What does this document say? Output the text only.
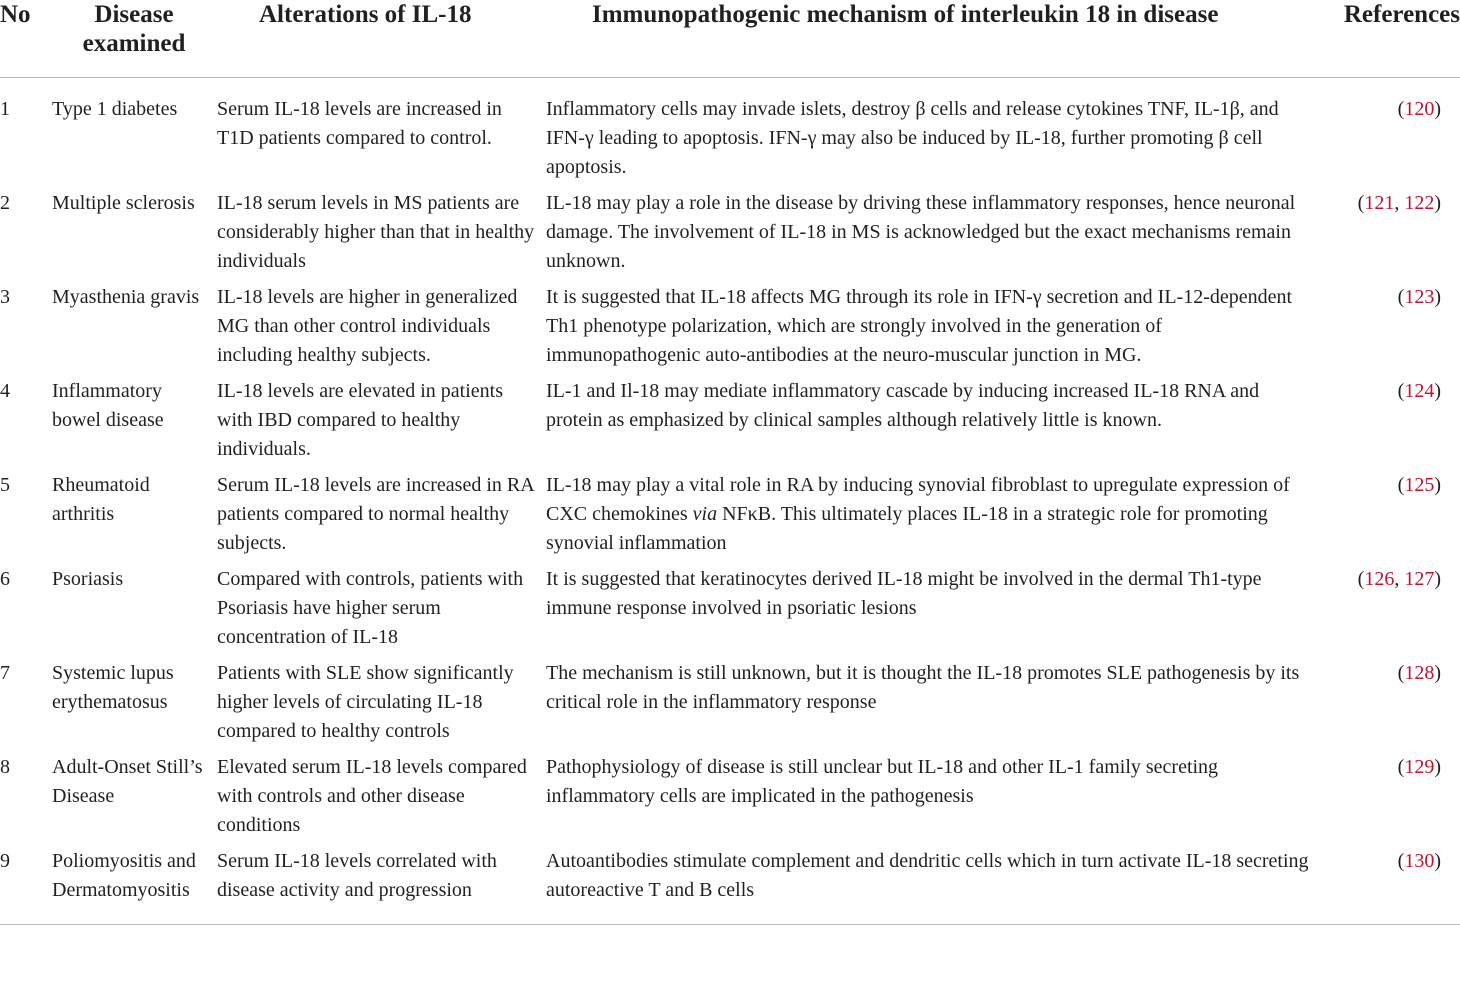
No	Disease examined	Alterations of IL-18	Immunopathogenic mechanism of interleukin 18 in disease	References
1	Type 1 diabetes	Serum IL-18 levels are increased in T1D patients compared to control.	Inflammatory cells may invade islets, destroy β cells and release cytokines TNF, IL-1β, and IFN-γ leading to apoptosis. IFN-γ may also be induced by IL-18, further promoting β cell apoptosis.	(120)
2	Multiple sclerosis	IL-18 serum levels in MS patients are considerably higher than that in healthy individuals	IL-18 may play a role in the disease by driving these inflammatory responses, hence neuronal damage. The involvement of IL-18 in MS is acknowledged but the exact mechanisms remain unknown.	(121, 122)
3	Myasthenia gravis	IL-18 levels are higher in generalized MG than other control individuals including healthy subjects.	It is suggested that IL-18 affects MG through its role in IFN-γ secretion and IL-12-dependent Th1 phenotype polarization, which are strongly involved in the generation of immunopathogenic auto-antibodies at the neuro-muscular junction in MG.	(123)
4	Inflammatory bowel disease	IL-18 levels are elevated in patients with IBD compared to healthy individuals.	IL-1 and Il-18 may mediate inflammatory cascade by inducing increased IL-18 RNA and protein as emphasized by clinical samples although relatively little is known.	(124)
5	Rheumatoid arthritis	Serum IL-18 levels are increased in RA patients compared to normal healthy subjects.	IL-18 may play a vital role in RA by inducing synovial fibroblast to upregulate expression of CXC chemokines via NFκB. This ultimately places IL-18 in a strategic role for promoting synovial inflammation	(125)
6	Psoriasis	Compared with controls, patients with Psoriasis have higher serum concentration of IL-18	It is suggested that keratinocytes derived IL-18 might be involved in the dermal Th1-type immune response involved in psoriatic lesions	(126, 127)
7	Systemic lupus erythematosus	Patients with SLE show significantly higher levels of circulating IL-18 compared to healthy controls	The mechanism is still unknown, but it is thought the IL-18 promotes SLE pathogenesis by its critical role in the inflammatory response	(128)
8	Adult-Onset Still’s Disease	Elevated serum IL-18 levels compared with controls and other disease conditions	Pathophysiology of disease is still unclear but IL-18 and other IL-1 family secreting inflammatory cells are implicated in the pathogenesis	(129)
9	Poliomyositis and Dermatomyositis	Serum IL-18 levels correlated with disease activity and progression	Autoantibodies stimulate complement and dendritic cells which in turn activate IL-18 secreting autoreactive T and B cells	(130)
